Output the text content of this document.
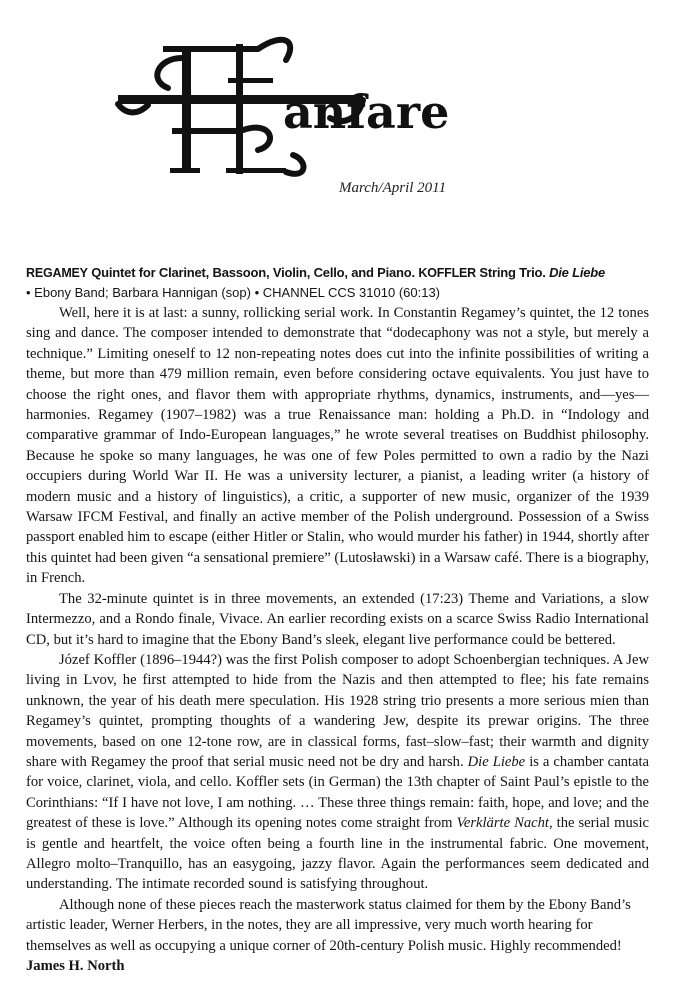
anfare
March/April 2011
REGAMEY Quintet for Clarinet, Bassoon, Violin, Cello, and Piano. KOFFLER String Trio. Die Liebe
• Ebony Band; Barbara Hannigan (sop) • CHANNEL CCS 31010 (60:13)

Well, here it is at last: a sunny, rollicking serial work. In Constantin Regamey’s quintet, the 12 tones sing and dance. The composer intended to demonstrate that “dodecaphony was not a style, but merely a technique.” Limiting oneself to 12 non-repeating notes does cut into the infinite possibilities of writing a theme, but more than 479 million remain, even before considering octave equivalents. You just have to choose the right ones, and flavor them with appropriate rhythms, dynamics, instruments, and—yes—harmonies. Regamey (1907–1982) was a true Renaissance man: holding a Ph.D. in “Indology and comparative grammar of Indo-European languages,” he wrote several treatises on Buddhist philosophy. Because he spoke so many languages, he was one of few Poles permitted to own a radio by the Nazi occupiers during World War II. He was a university lecturer, a pianist, a leading writer (a history of modern music and a history of linguistics), a critic, a supporter of new music, organizer of the 1939 Warsaw IFCM Festival, and finally an active member of the Polish underground. Possession of a Swiss passport enabled him to escape (either Hitler or Stalin, who would murder his father) in 1944, shortly after this quintet had been given “a sensational premiere” (Lutosławski) in a Warsaw café. There is a biography, in French.

The 32-minute quintet is in three movements, an extended (17:23) Theme and Variations, a slow Intermezzo, and a Rondo finale, Vivace. An earlier recording exists on a scarce Swiss Radio International CD, but it’s hard to imagine that the Ebony Band’s sleek, elegant live performance could be bettered.

Józef Koffler (1896–1944?) was the first Polish composer to adopt Schoenbergian techniques. A Jew living in Lvov, he first attempted to hide from the Nazis and then attempted to flee; his fate remains unknown, the year of his death mere speculation. His 1928 string trio presents a more serious mien than Regamey’s quintet, prompting thoughts of a wandering Jew, despite its prewar origins. The three movements, based on one 12-tone row, are in classical forms, fast–slow–fast; their warmth and dignity share with Regamey the proof that serial music need not be dry and harsh. Die Liebe is a chamber cantata for voice, clarinet, viola, and cello. Koffler sets (in German) the 13th chapter of Saint Paul’s epistle to the Corinthians: “If I have not love, I am nothing. … These three things remain: faith, hope, and love; and the greatest of these is love.” Although its opening notes come straight from Verklärte Nacht, the serial music is gentle and heartfelt, the voice often being a fourth line in the instrumental fabric. One movement, Allegro molto–Tranquillo, has an easygoing, jazzy flavor. Again the performances seem dedicated and understanding. The intimate recorded sound is satisfying throughout.

Although none of these pieces reach the masterwork status claimed for them by the Ebony Band’s artistic leader, Werner Herbers, in the notes, they are all impressive, very much worth hearing for themselves as well as occupying a unique corner of 20th-century Polish music. Highly recommended! James H. North
